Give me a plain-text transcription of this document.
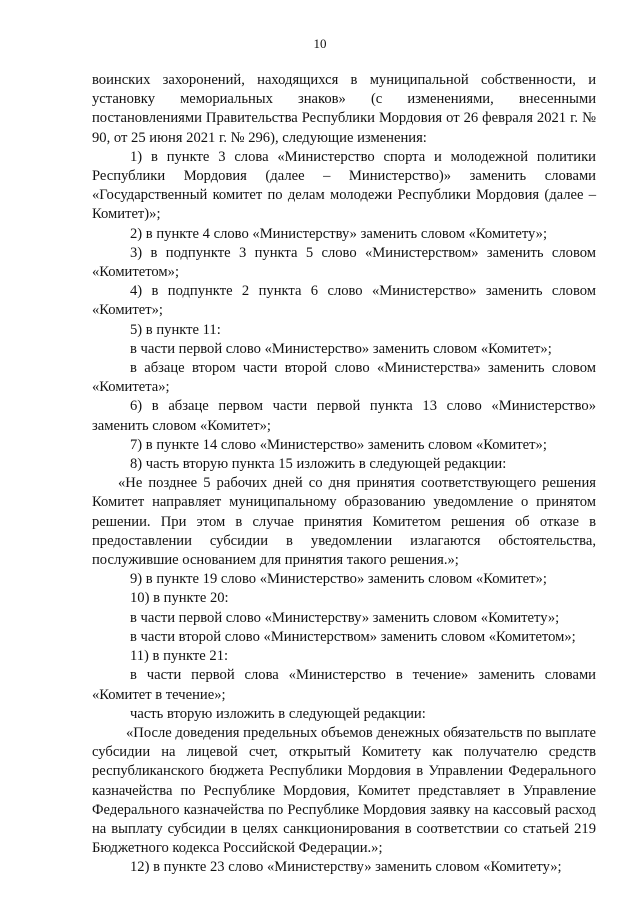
10

воинских захоронений, находящихся в муниципальной собственности, и установку мемориальных знаков» (с изменениями, внесенными постановлениями Правительства Республики Мордовия от 26 февраля 2021 г. № 90, от 25 июня 2021 г. № 296), следующие изменения:

1) в пункте 3 слова «Министерство спорта и молодежной политики Республики Мордовия (далее – Министерство)» заменить словами «Государственный комитет по делам молодежи Республики Мордовия (далее – Комитет)»;

2) в пункте 4 слово «Министерству» заменить словом «Комитету»;

3) в подпункте 3 пункта 5 слово «Министерством» заменить словом «Комитетом»;

4) в подпункте 2 пункта 6 слово «Министерство» заменить словом «Комитет»;

5) в пункте 11:

в части первой слово «Министерство» заменить словом «Комитет»;

в абзаце втором части второй слово «Министерства» заменить словом «Комитета»;

6) в абзаце первом части первой пункта 13 слово «Министерство» заменить словом «Комитет»;

7) в пункте 14 слово «Министерство» заменить словом «Комитет»;

8) часть вторую пункта 15 изложить в следующей редакции:

«Не позднее 5 рабочих дней со дня принятия соответствующего решения Комитет направляет муниципальному образованию уведомление о принятом решении. При этом в случае принятия Комитетом решения об отказе в предоставлении субсидии в уведомлении излагаются обстоятельства, послужившие основанием для принятия такого решения.»;

9) в пункте 19 слово «Министерство» заменить словом «Комитет»;

10) в пункте 20:

в части первой слово «Министерству» заменить словом «Комитету»;

в части второй слово «Министерством» заменить словом «Комитетом»;

11) в пункте 21:

в части первой слова «Министерство в течение» заменить словами «Комитет в течение»;

часть вторую изложить в следующей редакции:

«После доведения предельных объемов денежных обязательств по выплате субсидии на лицевой счет, открытый Комитету как получателю средств республиканского бюджета Республики Мордовия в Управлении Федерального казначейства по Республике Мордовия, Комитет представляет в Управление Федерального казначейства по Республике Мордовия заявку на кассовый расход на выплату субсидии в целях санкционирования в соответствии со статьей 219 Бюджетного кодекса Российской Федерации.»;

12) в пункте 23 слово «Министерству» заменить словом «Комитету»;
